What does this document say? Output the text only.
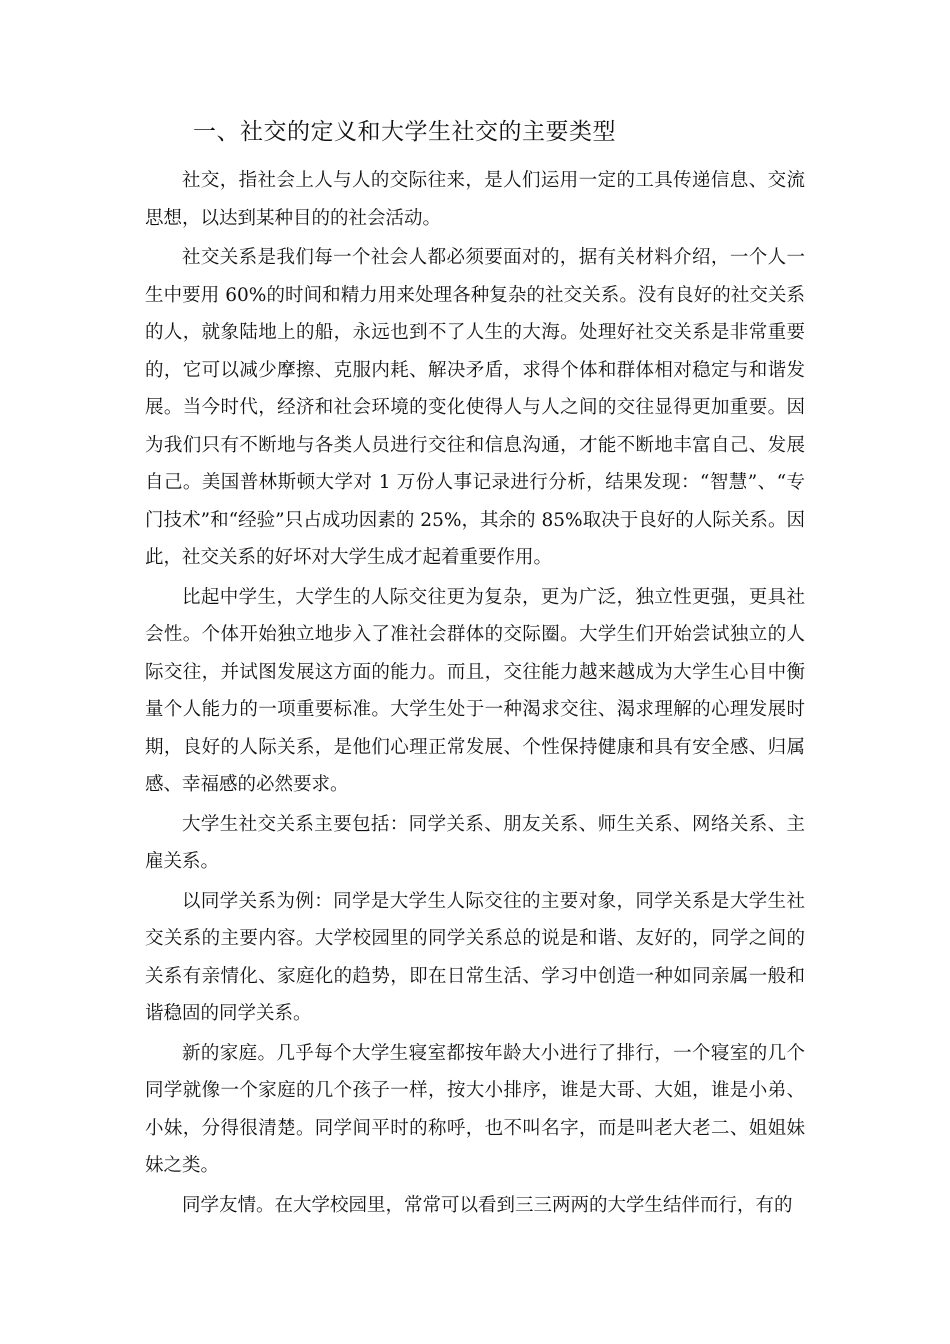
一、社交的定义和大学生社交的主要类型

社交，指社会上人与人的交际往来，是人们运用一定的工具传递信息、交流思想，以达到某种目的的社会活动。

社交关系是我们每一个社会人都必须要面对的，据有关材料介绍，一个人一生中要用 60%的时间和精力用来处理各种复杂的社交关系。没有良好的社交关系的人，就象陆地上的船，永远也到不了人生的大海。处理好社交关系是非常重要的，它可以减少摩擦、克服内耗、解决矛盾，求得个体和群体相对稳定与和谐发展。当今时代，经济和社会环境的变化使得人与人之间的交往显得更加重要。因为我们只有不断地与各类人员进行交往和信息沟通，才能不断地丰富自己、发展自己。美国普林斯顿大学对 1 万份人事记录进行分析，结果发现：“智慧”、“专门技术”和“经验”只占成功因素的 25%，其余的 85%取决于良好的人际关系。因此，社交关系的好坏对大学生成才起着重要作用。

比起中学生，大学生的人际交往更为复杂，更为广泛，独立性更强，更具社会性。个体开始独立地步入了准社会群体的交际圈。大学生们开始尝试独立的人际交往，并试图发展这方面的能力。而且，交往能力越来越成为大学生心目中衡量个人能力的一项重要标准。大学生处于一种渴求交往、渴求理解的心理发展时期，良好的人际关系，是他们心理正常发展、个性保持健康和具有安全感、归属感、幸福感的必然要求。

大学生社交关系主要包括：同学关系、朋友关系、师生关系、网络关系、主雇关系。

以同学关系为例：同学是大学生人际交往的主要对象，同学关系是大学生社交关系的主要内容。大学校园里的同学关系总的说是和谐、友好的，同学之间的关系有亲情化、家庭化的趋势，即在日常生活、学习中创造一种如同亲属一般和谐稳固的同学关系。

新的家庭。几乎每个大学生寝室都按年龄大小进行了排行，一个寝室的几个同学就像一个家庭的几个孩子一样，按大小排序，谁是大哥、大姐，谁是小弟、小妹，分得很清楚。同学间平时的称呼，也不叫名字，而是叫老大老二、姐姐妹妹之类。

同学友情。在大学校园里，常常可以看到三三两两的大学生结伴而行，有的
